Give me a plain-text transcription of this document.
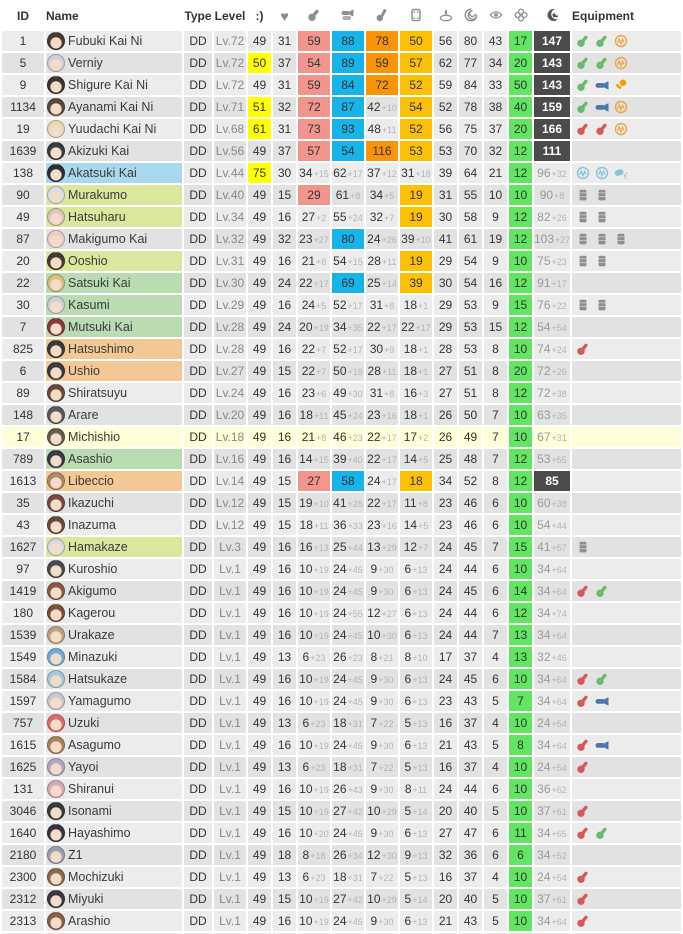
ID	Name	Type	Level	:)	♥										Equipment
1	Fubuki Kai Ni	DD	Lv.72	49	31	59	88	78	50	56	80	43	17	147	

5	Verniy	DD	Lv.72	50	37	54	89	59	57	62	77	34	20	143	

9	Shigure Kai Ni	DD	Lv.72	49	31	59	84	72	52	59	84	33	50	143	

1134	Ayanami Kai Ni	DD	Lv.71	51	32	72	87	42+10	54	52	78	38	40	159	

19	Yuudachi Kai Ni	DD	Lv.68	61	31	73	93	48+11	52	56	75	37	20	166	

1639	Akizuki Kai	DD	Lv.56	49	37	57	54	116	53	53	70	32	12	111	

138	Akatsuki Kai	DD	Lv.44	75	30	34+15	62+17	37+12	31+18	39	64	21	12	96+32	

90	Murakumo	DD	Lv.40	49	15	29	61+8	34+5	19	31	55	10	10	90+8	

49	Hatsuharu	DD	Lv.34	49	16	27+2	55+24	32+7	19	30	58	9	12	82+26	

87	Makigumo Kai	DD	Lv.32	49	32	23+27	80	24+26	39+10	41	61	19	12	103+27	

20	Ooshio	DD	Lv.31	49	16	21+8	54+15	28+11	19	29	54	9	10	75+23	

22	Satsuki Kai	DD	Lv.30	49	24	22+17	69	25+14	39	30	54	16	12	91+17	

30	Kasumi	DD	Lv.29	49	16	24+5	52+17	31+8	18+1	29	53	9	15	76+22	

7	Mutsuki Kai	DD	Lv.28	49	24	20+19	34+35	22+17	22+17	29	53	15	12	54+54	

825	Hatsushimo	DD	Lv.28	49	16	22+7	52+17	30+9	18+1	28	53	8	10	74+24	

6	Ushio	DD	Lv.27	49	15	22+7	50+19	28+11	18+1	27	51	8	20	72+26	

89	Shiratsuyu	DD	Lv.24	49	16	23+6	49+30	31+8	16+3	27	51	8	12	72+38	

148	Arare	DD	Lv.20	49	16	18+11	45+24	23+16	18+1	26	50	7	10	63+35	

17	Michishio	DD	Lv.18	49	16	21+8	46+23	22+17	17+2	26	49	7	10	67+31	

789	Asashio	DD	Lv.16	49	16	14+15	39+40	22+17	14+5	25	48	7	12	53+55	

1613	Libeccio	DD	Lv.14	49	15	27	58	24+17	18	34	52	8	12	85	

35	Ikazuchi	DD	Lv.12	49	15	19+10	41+28	22+17	11+8	23	46	6	10	60+38	

43	Inazuma	DD	Lv.12	49	15	18+11	36+33	23+16	14+5	23	46	6	10	54+44	

1627	Hamakaze	DD	Lv.3	49	16	16+13	25+44	13+29	12+7	24	45	7	15	41+57	

97	Kuroshio	DD	Lv.1	49	16	10+19	24+45	9+30	6+13	24	44	6	10	34+64	

1419	Akigumo	DD	Lv.1	49	16	10+19	24+45	9+30	6+13	24	45	6	14	34+64	

180	Kagerou	DD	Lv.1	49	16	10+19	24+55	12+27	6+13	24	44	6	12	34+74	

1539	Urakaze	DD	Lv.1	49	16	10+19	24+45	10+30	6+13	24	44	7	13	34+64	

1549	Minazuki	DD	Lv.1	49	13	6+23	26+23	8+21	8+10	17	37	4	13	32+46	

1584	Hatsukaze	DD	Lv.1	49	16	10+19	24+45	9+30	6+13	24	45	6	10	34+64	

1597	Yamagumo	DD	Lv.1	49	16	10+19	24+45	9+30	6+13	23	43	5	7	34+64	

757	Uzuki	DD	Lv.1	49	13	6+23	18+31	7+22	5+13	16	37	4	10	24+54	

1615	Asagumo	DD	Lv.1	49	16	10+19	24+45	9+30	6+13	21	43	5	8	34+64	

1625	Yayoi	DD	Lv.1	49	13	6+23	18+31	7+22	5+13	16	37	4	10	24+54	

131	Shiranui	DD	Lv.1	49	16	10+19	26+43	9+30	8+11	24	44	6	10	36+62	

3046	Isonami	DD	Lv.1	49	15	10+19	27+42	10+29	5+14	20	40	5	10	37+61	

1640	Hayashimo	DD	Lv.1	49	16	10+20	24+45	9+30	6+13	27	47	6	11	34+65	

2180	Z1	DD	Lv.1	49	18	8+18	26+34	12+30	9+13	32	36	6	6	34+52	

2300	Mochizuki	DD	Lv.1	49	13	6+23	18+31	7+22	5+13	16	37	4	10	24+54	

2312	Miyuki	DD	Lv.1	49	15	10+19	27+42	10+29	5+14	20	40	5	10	37+61	

2313	Arashio	DD	Lv.1	49	16	10+19	24+45	9+30	6+13	21	43	5	10	34+64	
